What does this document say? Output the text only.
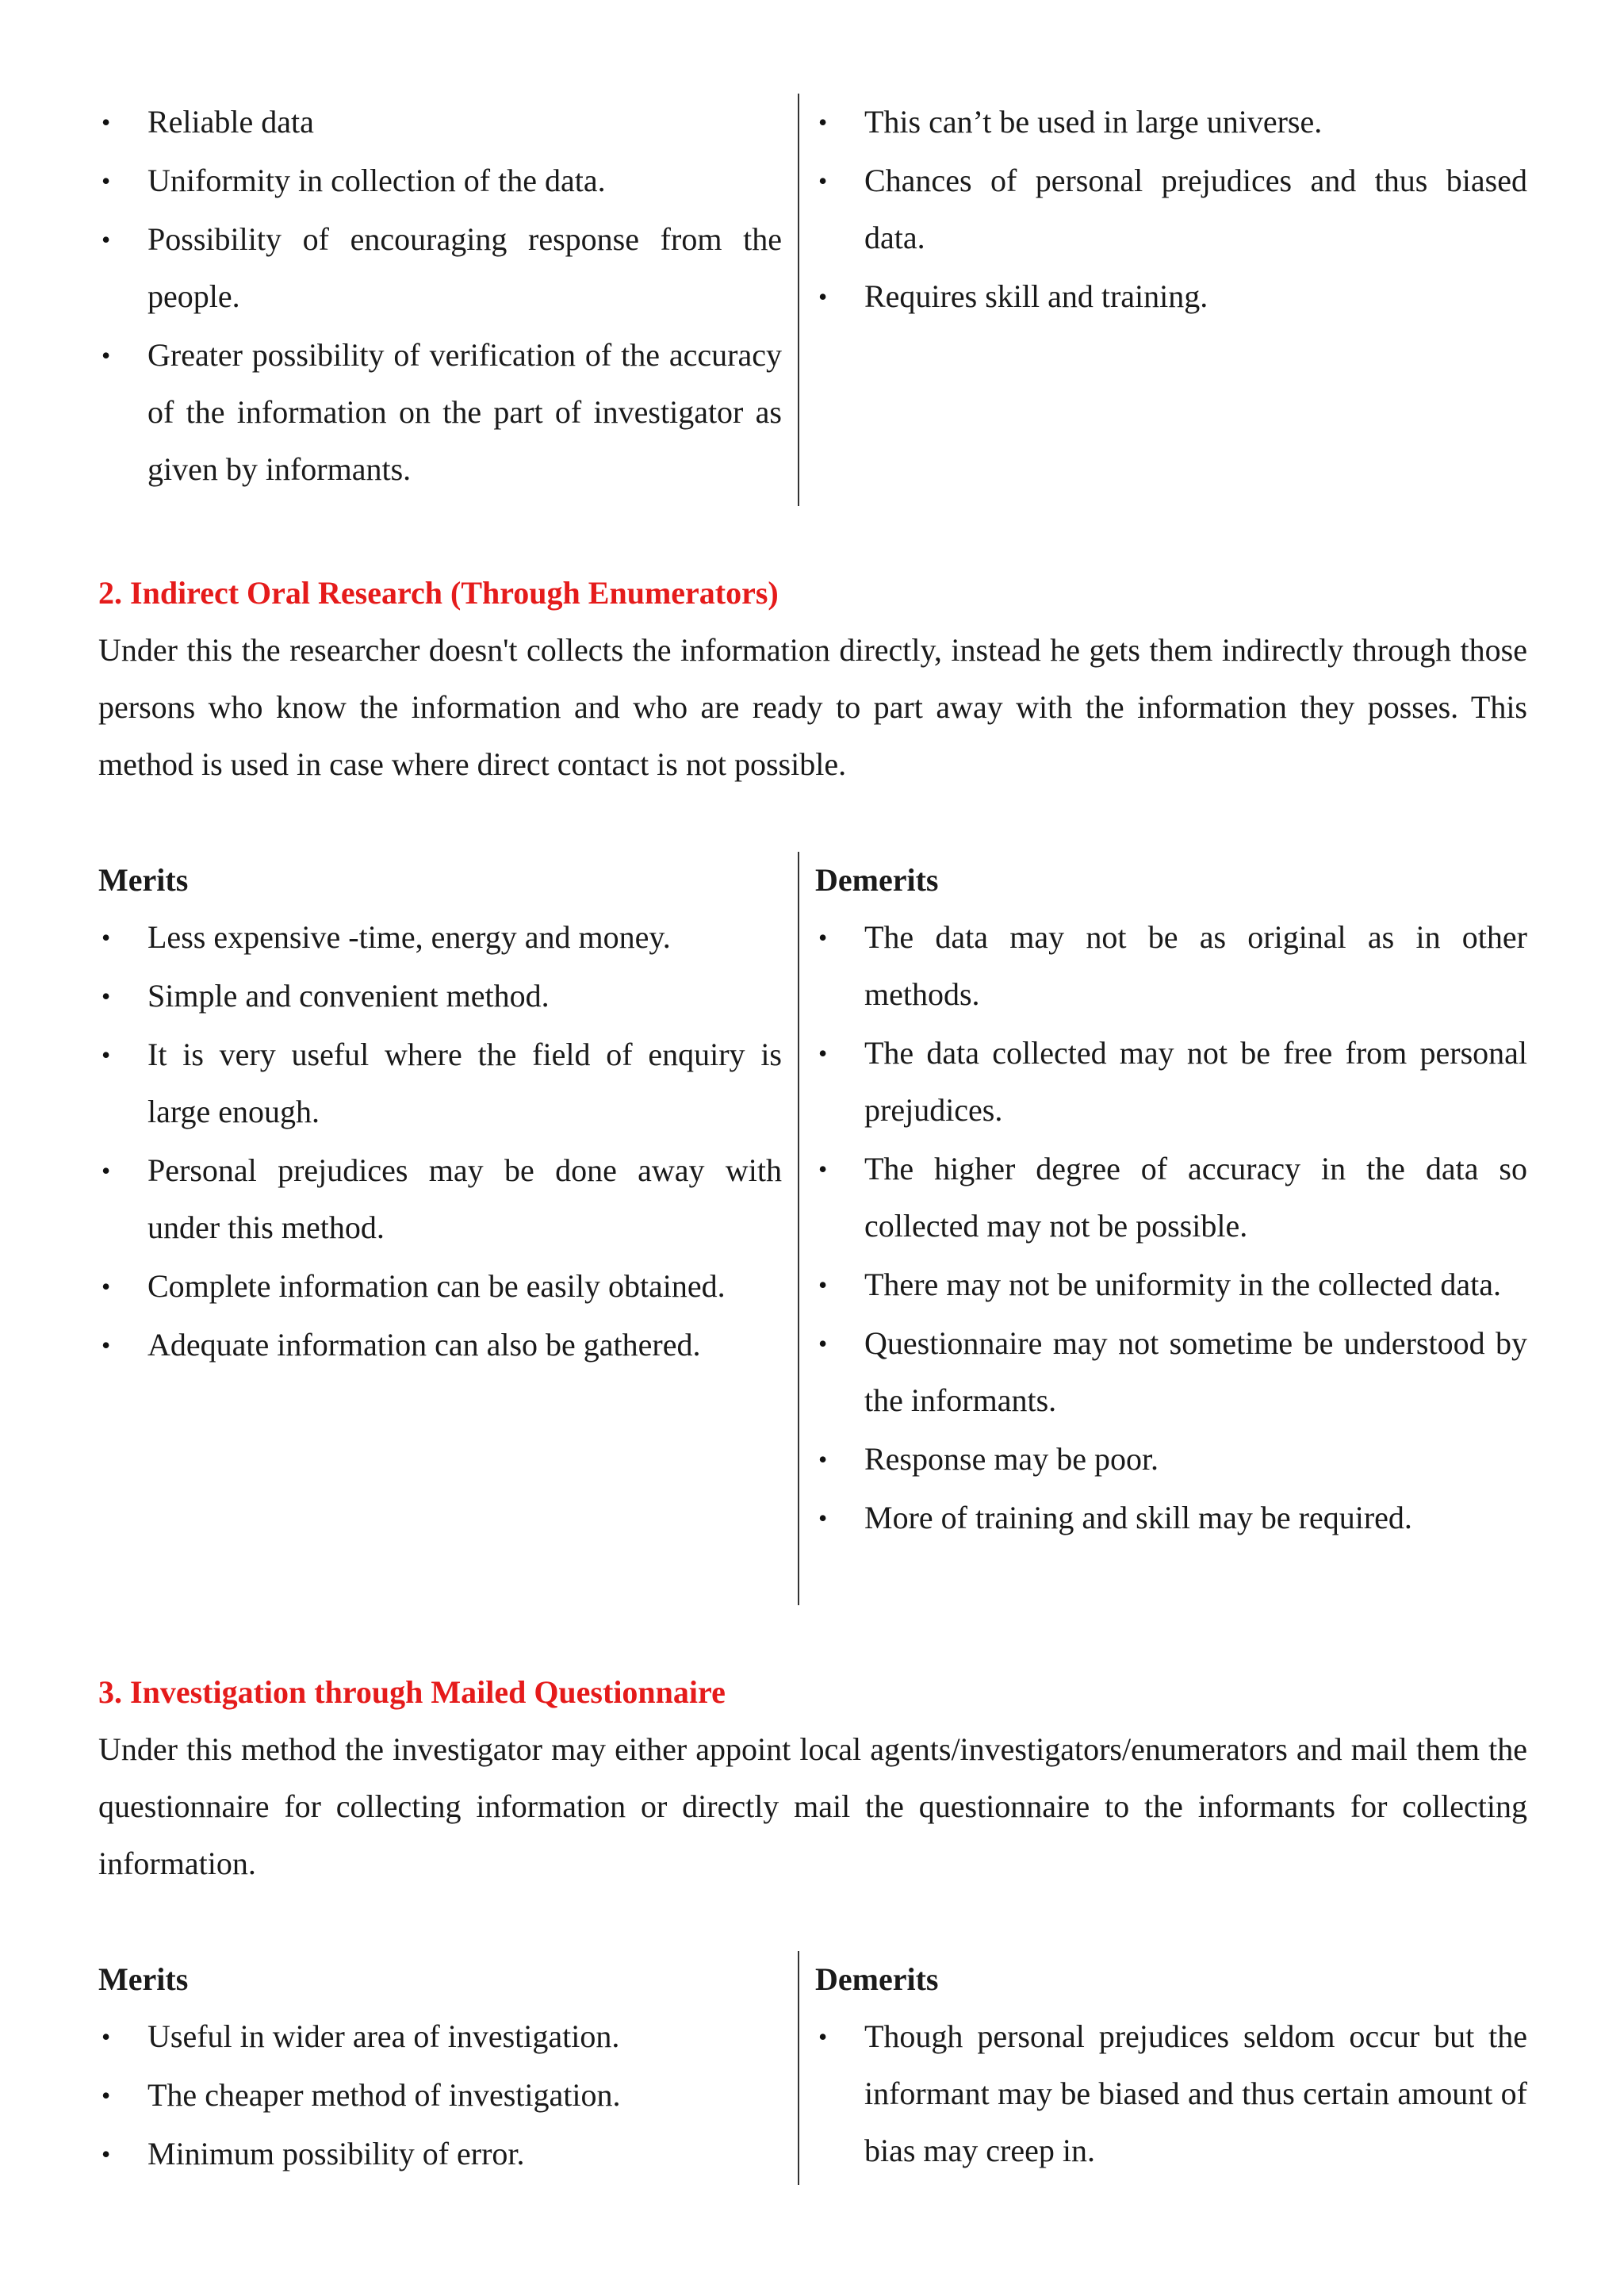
•	Reliable data
•	Uniformity in collection of the data.
•	Possibility of encouraging response from the people.
•	Greater possibility of verification of the accuracy of the information on the part of investigator as given by informants.
•	This can’t be used in large universe.
•	Chances of personal prejudices and thus biased data.
•	Requires skill and training.
2. Indirect Oral Research (Through Enumerators)

Under this the researcher doesn't collects the information directly, instead he gets them indirectly through those persons who know the information and who are ready to part away with the information they posses. This method is used in case where direct contact is not possible.

Merits
•	Less expensive -time, energy and money.
•	Simple and convenient method.
•	It is very useful where the field of enquiry is large enough.
•	Personal prejudices may be done away with under this method.
•	Complete information can be easily obtained.
•	Adequate information can also be gathered.
Demerits
•	The data may not be as original as in other methods.
•	The data collected may not be free from personal prejudices.
•	The higher degree of accuracy in the data so collected may not be possible.
•	There may not be uniformity in the collected data.
•	Questionnaire may not sometime be understood by the informants.
•	Response may be poor.
•	More of training and skill may be required.
3. Investigation through Mailed Questionnaire

Under this method the investigator may either appoint local agents/investigators/enumerators and mail them the questionnaire for collecting information or directly mail the questionnaire to the informants for collecting information.

Merits
•	Useful in wider area of investigation.
•	The cheaper method of investigation.
•	Minimum possibility of error.
Demerits
•	Though personal prejudices seldom occur but the informant may be biased and thus certain amount of bias may creep in.
